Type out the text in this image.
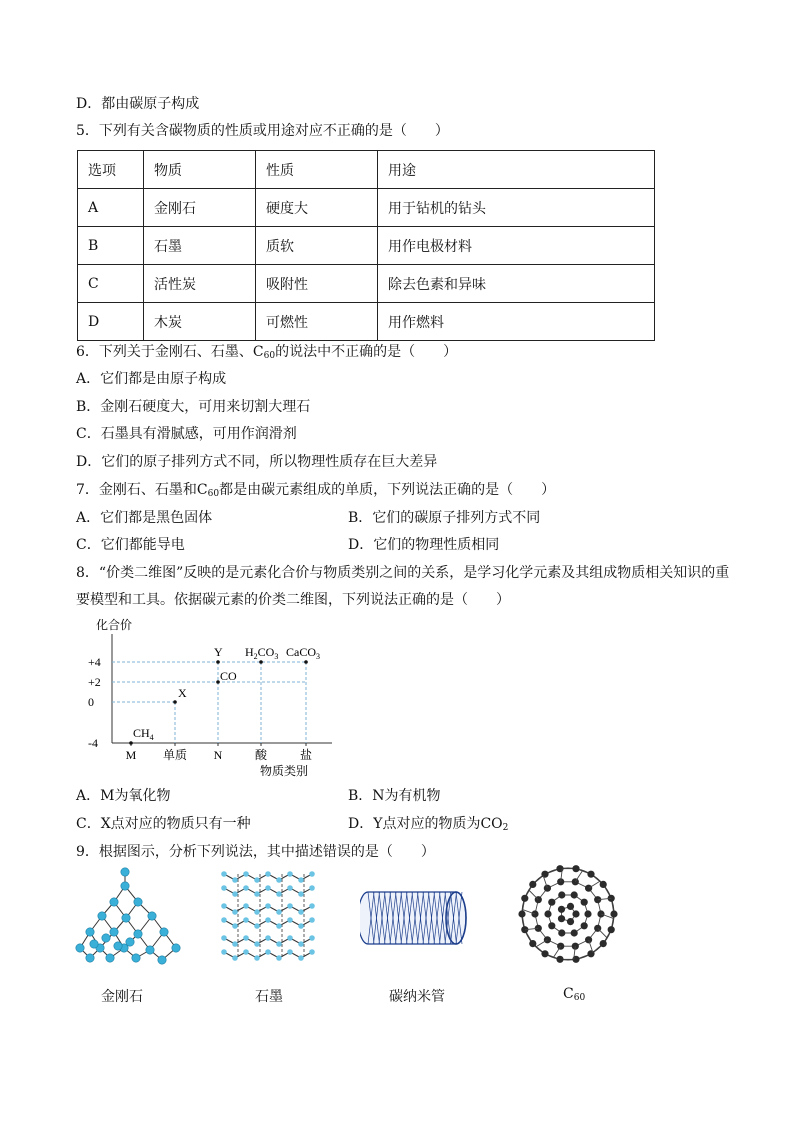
D．都由碳原子构成
5．下列有关含碳物质的性质或用途对应不正确的是（　　）
选项	物质	性质	用途
A	金刚石	硬度大	用于钻机的钻头
B	石墨	质软	用作电极材料
C	活性炭	吸附性	除去色素和异味
D	木炭	可燃性	用作燃料
6．下列关于金刚石、石墨、$C_{60}$的说法中不正确的是（　　）
A．它们都是由原子构成
B．金刚石硬度大，可用来切割大理石
C．石墨具有滑腻感，可用作润滑剂
D．它们的原子排列方式不同，所以物理性质存在巨大差异
7．金刚石、石墨和$C_{60}$都是由碳元素组成的单质，下列说法正确的是（　　）
A．它们都是黑色固体	B．它们的碳原子排列方式不同
C．它们都能导电	D．它们的物理性质相同
8．“价类二维图”反映的是元素化合价与物质类别之间的关系，是学习化学元素及其组成物质相关知识的重
要模型和工具。依据碳元素的价类二维图，下列说法正确的是（　　）
化合价
物质类别
+4
+2
0
-4
M 单质 N	酸	盐
$CH_4$
X
CO
Y $H_2CO_3$ CaCO$_3$
A．M为氧化物	B．N为有机物
C．X点对应的物质只有一种	D．Y点对应的物质为$CO_2$
9．根据图示，分析下列说法，其中描述错误的是（　　）
金刚石	石墨	碳纳米管	$C_{60}$
